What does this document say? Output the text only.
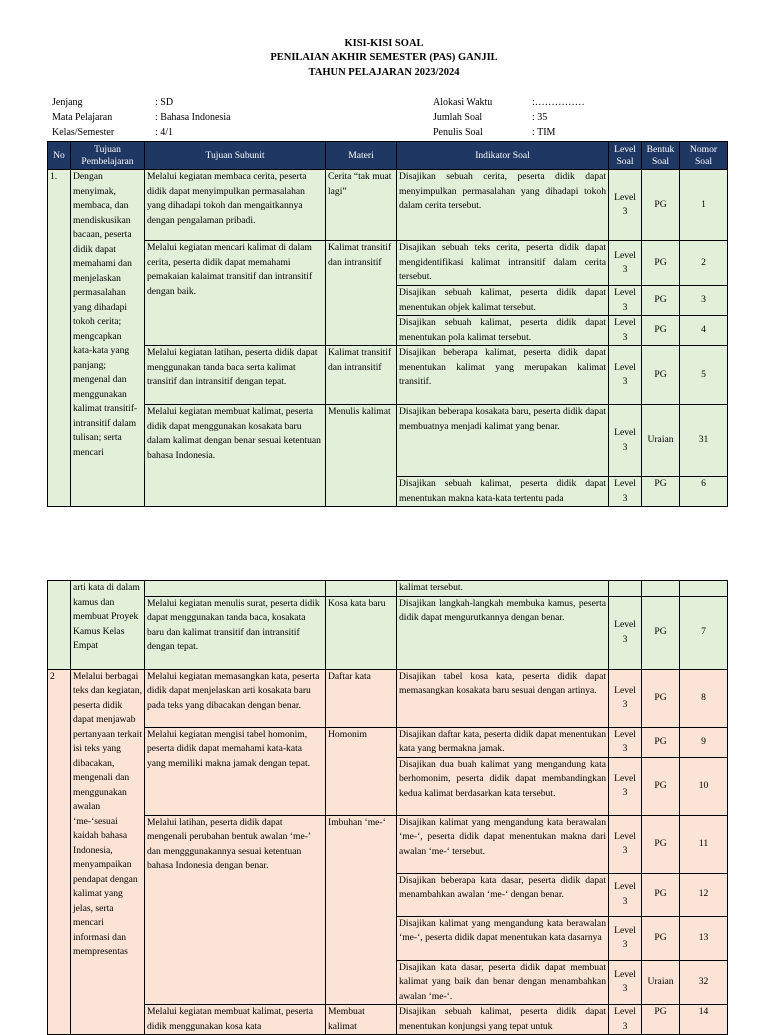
KISI-KISI SOAL
PENILAIAN AKHIR SEMESTER (PAS) GANJIL
TAHUN PELAJARAN 2023/2024
Jenjang	: SD
Mata Pelajaran	: Bahasa Indonesia
Kelas/Semester	: 4/1
Alokasi Waktu	:……………
Jumlah Soal	: 35
Penulis Soal	: TIM
No	Tujuan Pembelajaran	Tujuan Subunit	Materi	Indikator Soal	Level Soal	Bentuk Soal	Nomor Soal
1.	Dengan menyimak, membaca, dan mendiskusikan bacaan, peserta didik dapat memahami dan menjelaskan permasalahan yang dihadapi tokoh cerita; mengcapkan kata-kata yang panjang; mengenal dan menggunakan kalimat transitif-intransitif dalam tulisan; serta mencari	Melalui kegiatan membaca cerita, peserta didik dapat menyimpulkan permasalahan yang dihadapi tokoh dan mengaitkannya dengan pengalaman pribadi.	Cerita “tak muat lagi”	Disajikan sebuah cerita, peserta didik dapat menyimpulkan permasalahan yang dihadapi tokoh dalam cerita tersebut.	Level 3	PG	1
		Melalui kegiatan mencari kalimat di dalam cerita, peserta didik dapat memahami pemakaian kalaimat transitif dan intransitif dengan baik.	Kalimat transitif dan intransitif	Disajikan sebuah teks cerita, peserta didik dapat mengidentifikasi kalimat intransitif dalam cerita tersebut.	Level 3	PG	2
				Disajikan sebuah kalimat, peserta didik dapat menentukan objek kalimat tersebut.	Level 3	PG	3
				Disajikan sebuah kalimat, peserta didik dapat menentukan pola kalimat tersebut.	Level 3	PG	4
		Melalui kegiatan latihan, peserta didik dapat menggunakan tanda baca serta kalimat transitif dan intransitif dengan tepat.	Kalimat transitif dan intransitif	Disajikan beberapa kalimat, peserta didik dapat menentukan kalimat yang merupakan kalimat transitif.	Level 3	PG	5
		Melalui kegiatan membuat kalimat, peserta didik dapat menggunakan kosakata baru dalam kalimat dengan benar sesuai ketentuan bahasa Indonesia.	Menulis kalimat	Disajikan beberapa kosakata baru, peserta didik dapat membuatnya menjadi kalimat yang benar.	Level 3	Uraian	31
				Disajikan sebuah kalimat, peserta didik dapat menentukan makna kata-kata tertentu pada	Level 3	PG	6
	arti kata di dalam kamus dan membuat Proyek Kamus Kelas Empat			kalimat tersebut.			
		Melalui kegiatan menulis surat, peserta didik dapat menggunakan tanda baca, kosakata baru dan kalimat transitif dan intransitif dengan tepat.	Kosa kata baru	Disajikan langkah-langkah membuka kamus, peserta didik dapat mengurutkannya dengan benar.	Level 3	PG	7
2	Melalui berbagai teks dan kegiatan, peserta didik dapat menjawab pertanyaan terkait isi teks yang dibacakan, mengenali dan menggunakan awalan ‘me-‘sesuai kaidah bahasa Indonesia, menyampaikan pendapat dengan kalimat yang jelas, serta mencari informasi dan mempresentas	Melalui kegiatan memasangkan kata, peserta didik dapat menjelaskan arti kosakata baru pada teks yang dibacakan dengan benar.	Daftar kata	Disajikan tabel kosa kata, peserta didik dapat memasangkan kosakata baru sesuai dengan artinya.	Level 3	PG	8
		Melalui kegiatan mengisi tabel homonim, peserta didik dapat memahami kata-kata yang memiliki makna jamak dengan tepat.	Homonim	Disajikan daftar kata, peserta didik dapat menentukan kata yang bermakna jamak.	Level 3	PG	9
				Disajikan dua buah kalimat yang mengandung kata berhomonim, peserta didik dapat membandingkan kedua kalimat berdasarkan kata tersebut.	Level 3	PG	10
		Melalui latihan, peserta didik dapat mengenali perubahan bentuk awalan ‘me-’ dan mengggunakannya sesuai ketentuan bahasa Indonesia dengan benar.	Imbuhan ‘me-‘	Disajikan kalimat yang mengandung kata berawalan ‘me-‘, peserta didik dapat menentukan makna dari awalan ‘me-‘ tersebut.	Level 3	PG	11
				Disajikan beberapa kata dasar, peserta didik dapat menambahkan awalan ‘me-‘ dengan benar.	Level 3	PG	12
				Disajikan kalimat yang mengandung kata berawalan ‘me-‘, peserta didik dapat menentukan kata dasarnya	Level 3	PG	13
				Disajikan kata dasar, peserta didik dapat membuat kalimat yang baik dan benar dengan menambahkan awalan ‘me-‘.	Level 3	Uraian	32
		Melalui kegiatan membuat kalimat, peserta didik menggunakan kosa kata	Membuat kalimat	Disajikan sebuah kalimat, peserta didik dapat menentukan konjungsi yang tepat untuk	Level 3	PG	14
